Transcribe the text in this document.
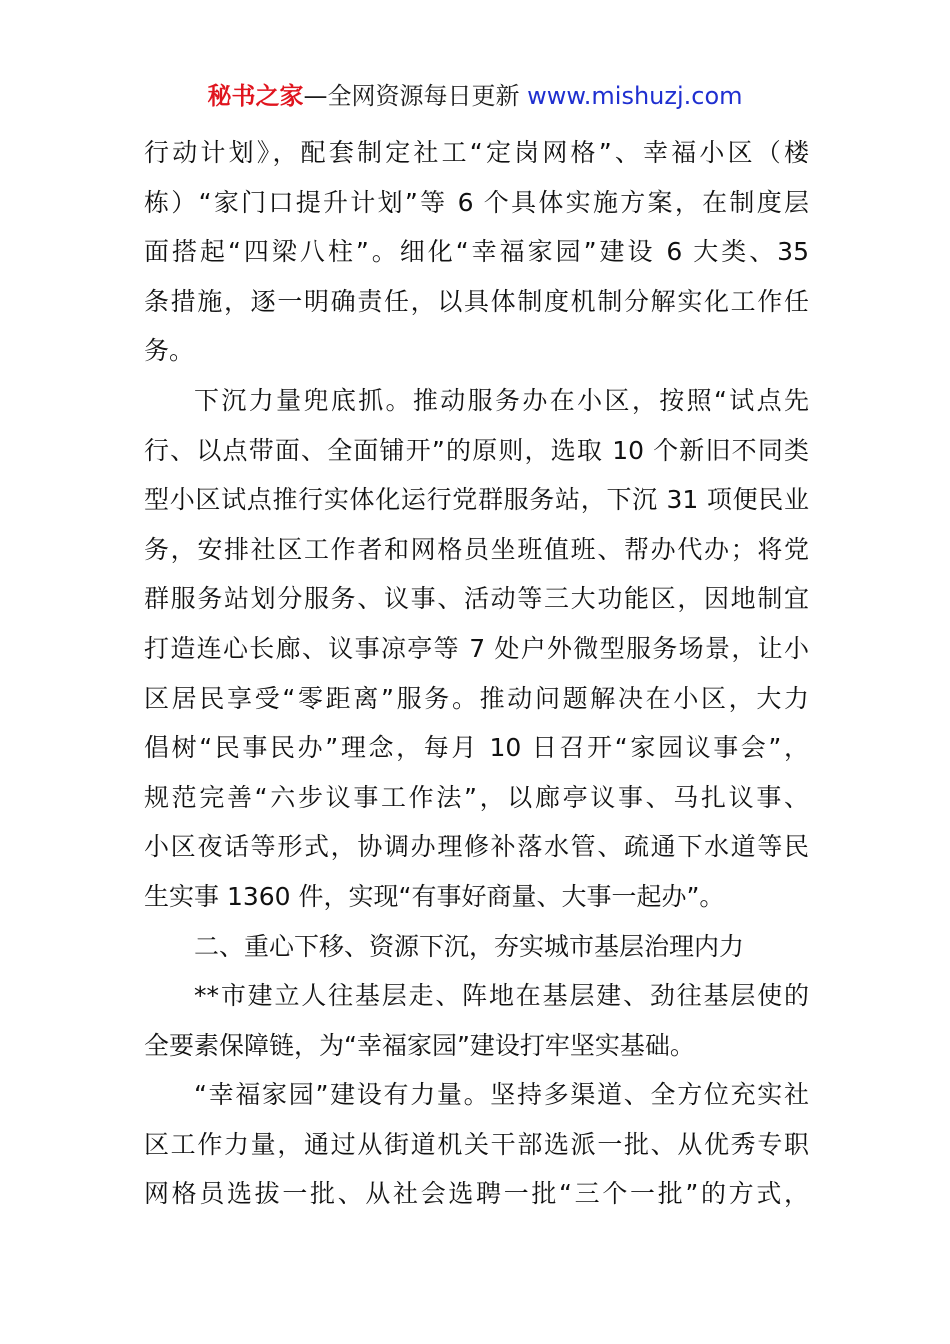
秘书之家—全网资源每日更新 www.mishuzj.com
行动计划》，配套制定社工“定岗网格”、幸福小区（楼
栋）“家门口提升计划”等 6 个具体实施方案，在制度层
面搭起“四梁八柱”。细化“幸福家园”建设 6 大类、35
条措施，逐一明确责任，以具体制度机制分解实化工作任
务。
下沉力量兜底抓。推动服务办在小区，按照“试点先
行、以点带面、全面铺开”的原则，选取 10 个新旧不同类
型小区试点推行实体化运行党群服务站，下沉 31 项便民业
务，安排社区工作者和网格员坐班值班、帮办代办；将党
群服务站划分服务、议事、活动等三大功能区，因地制宜
打造连心长廊、议事凉亭等 7 处户外微型服务场景，让小
区居民享受“零距离”服务。推动问题解决在小区，大力
倡树“民事民办”理念，每月 10 日召开“家园议事会”，
规范完善“六步议事工作法”，以廊亭议事、马扎议事、
小区夜话等形式，协调办理修补落水管、疏通下水道等民
生实事 1360 件，实现“有事好商量、大事一起办”。
二、重心下移、资源下沉，夯实城市基层治理内力
**市建立人往基层走、阵地在基层建、劲往基层使的
全要素保障链，为“幸福家园”建设打牢坚实基础。
“幸福家园”建设有力量。坚持多渠道、全方位充实社
区工作力量，通过从街道机关干部选派一批、从优秀专职
网格员选拔一批、从社会选聘一批“三个一批”的方式，
